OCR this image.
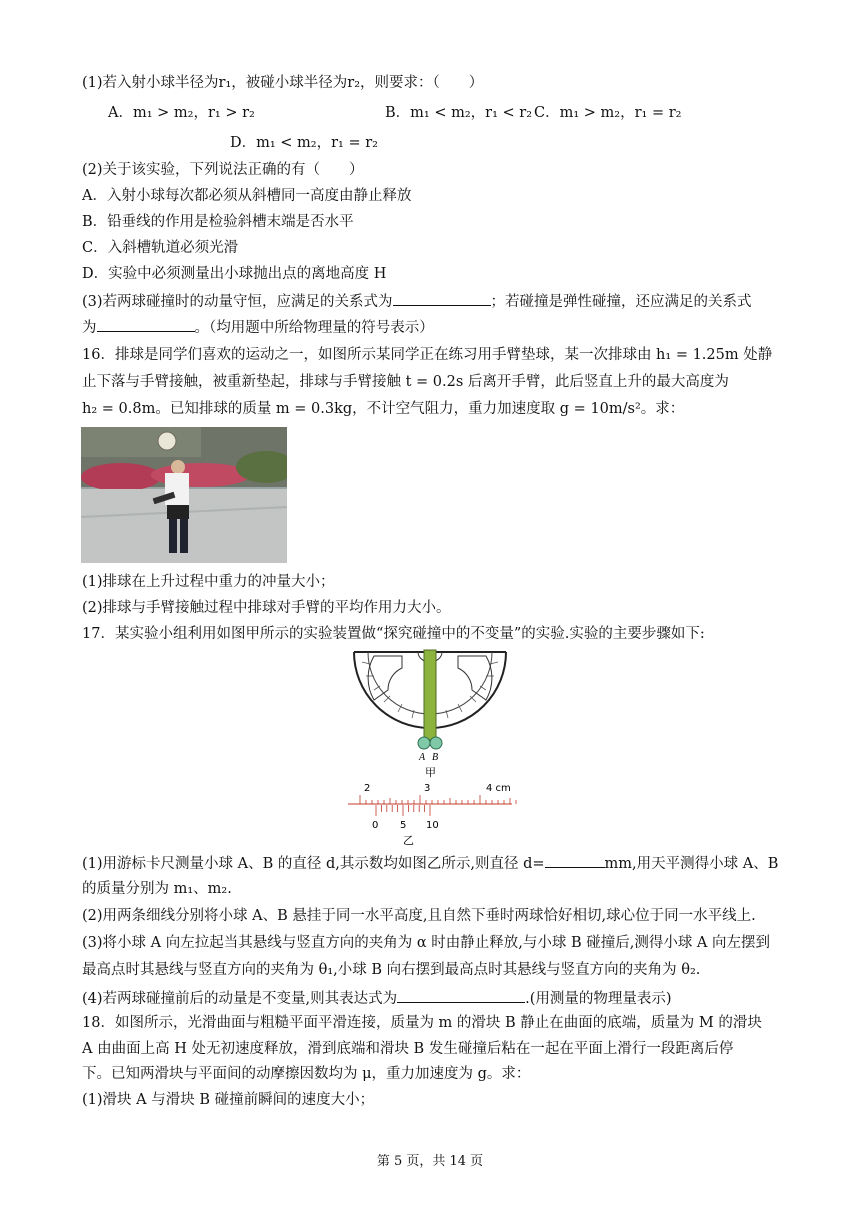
(1)若入射小球半径为r₁，被碰小球半径为r₂，则要求：（　　）
A．m₁ > m₂，r₁ > r₂	B．m₁ < m₂，r₁ < r₂ C．m₁ > m₂，r₁ = r₂
D．m₁ < m₂，r₁ = r₂
(2)关于该实验，下列说法正确的有（　　）
A．入射小球每次都必须从斜槽同一高度由静止释放
B．铅垂线的作用是检验斜槽末端是否水平
C．入斜槽轨道必须光滑
D．实验中必须测量出小球抛出点的离地高度 H
(3)若两球碰撞时的动量守恒，应满足的关系式为	；若碰撞是弹性碰撞，还应满足的关系式
为	。（均用题中所给物理量的符号表示）
16．排球是同学们喜欢的运动之一，如图所示某同学正在练习用手臂垫球，某一次排球由 h₁ = 1.25m 处静
止下落与手臂接触，被重新垫起，排球与手臂接触 t = 0.2s 后离开手臂，此后竖直上升的最大高度为
h₂ = 0.8m。已知排球的质量 m = 0.3kg，不计空气阻力，重力加速度取 g = 10m/s²。求：
(1)排球在上升过程中重力的冲量大小；
(2)排球与手臂接触过程中排球对手臂的平均作用力大小。
17．某实验小组利用如图甲所示的实验装置做“探究碰撞中的不变量”的实验.实验的主要步骤如下:
A B
甲
2	3	4 cm
0 5 10
乙
(1)用游标卡尺测量小球 A、B 的直径 d,其示数均如图乙所示,则直径 d=	mm,用天平测得小球 A、B
的质量分别为 m₁、m₂.
(2)用两条细线分别将小球 A、B 悬挂于同一水平高度,且自然下垂时两球恰好相切,球心位于同一水平线上.
(3)将小球 A 向左拉起当其悬线与竖直方向的夹角为 α 时由静止释放,与小球 B 碰撞后,测得小球 A 向左摆到
最高点时其悬线与竖直方向的夹角为 θ₁,小球 B 向右摆到最高点时其悬线与竖直方向的夹角为 θ₂.
(4)若两球碰撞前后的动量是不变量,则其表达式为	.(用测量的物理量表示)
18．如图所示，光滑曲面与粗糙平面平滑连接，质量为 m 的滑块 B 静止在曲面的底端，质量为 M 的滑块
A 由曲面上高 H 处无初速度释放，滑到底端和滑块 B 发生碰撞后粘在一起在平面上滑行一段距离后停
下。已知两滑块与平面间的动摩擦因数均为 μ，重力加速度为 g。求：
(1)滑块 A 与滑块 B 碰撞前瞬间的速度大小；
第 5 页，共 14 页
